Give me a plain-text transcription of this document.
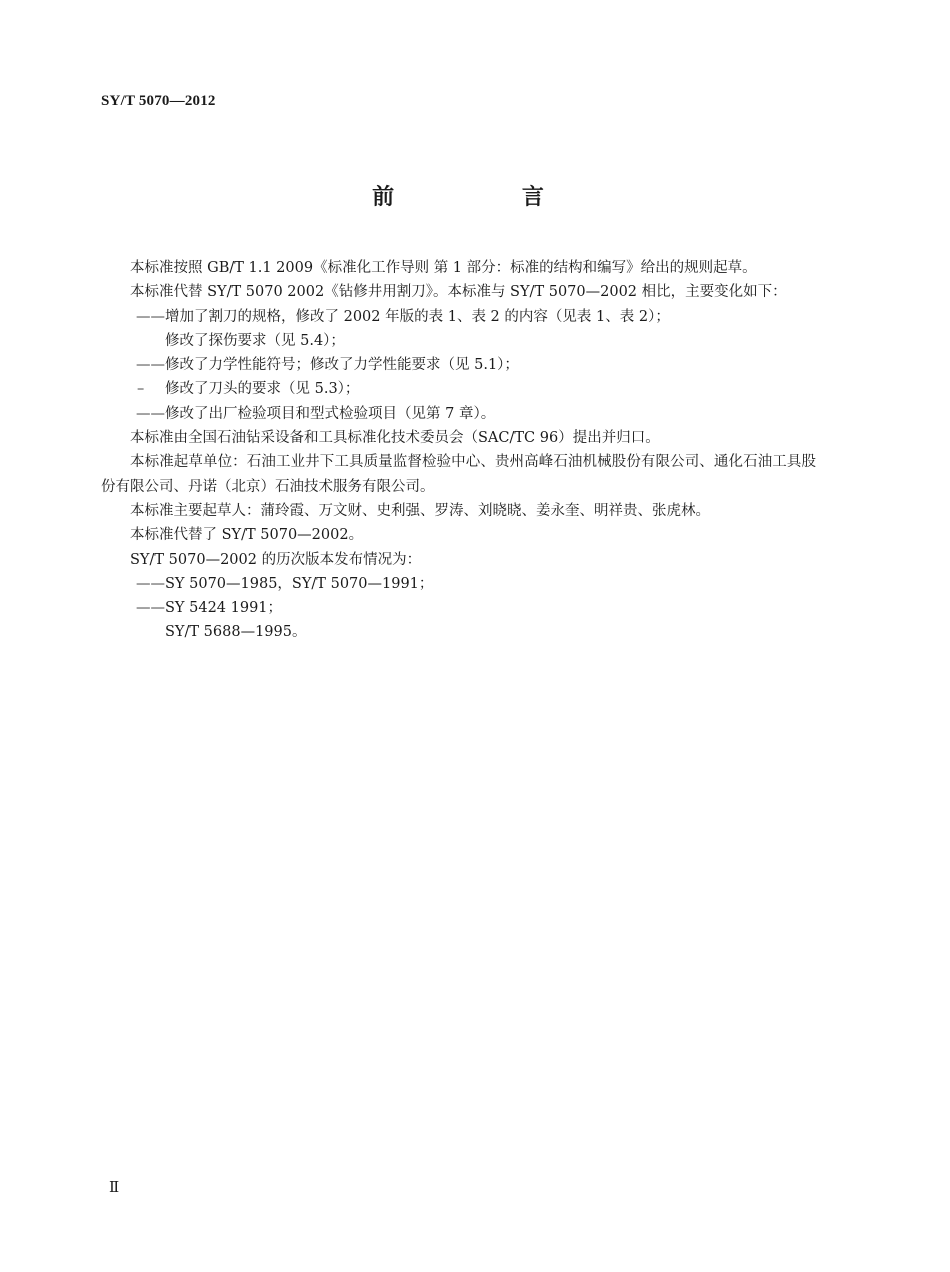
SY/T 5070—2012
前 言

本标准按照 GB/T 1.1 2009《标准化工作导则 第 1 部分：标准的结构和编写》给出的规则起草。

本标准代替 SY/T 5070 2002《钻修井用割刀》。本标准与 SY/T 5070—2002 相比，主要变化如下：

——增加了割刀的规格，修改了 2002 年版的表 1、表 2 的内容（见表 1、表 2）；

修改了探伤要求（见 5.4）；

——修改了力学性能符号；修改了力学性能要求（见 5.1）；

– 修改了刀头的要求（见 5.3）；

——修改了出厂检验项目和型式检验项目（见第 7 章）。

本标准由全国石油钻采设备和工具标准化技术委员会（SAC/TC 96）提出并归口。

本标准起草单位：石油工业井下工具质量监督检验中心、贵州高峰石油机械股份有限公司、通化石油工具股份有限公司、丹诺（北京）石油技术服务有限公司。

本标准主要起草人：蒲玲霞、万文财、史利强、罗涛、刘晓晓、姜永奎、明祥贵、张虎林。

本标准代替了 SY/T 5070—2002。

SY/T 5070—2002 的历次版本发布情况为：

——SY 5070—1985，SY/T 5070—1991；

——SY 5424 1991；

SY/T 5688—1995。

Ⅱ
